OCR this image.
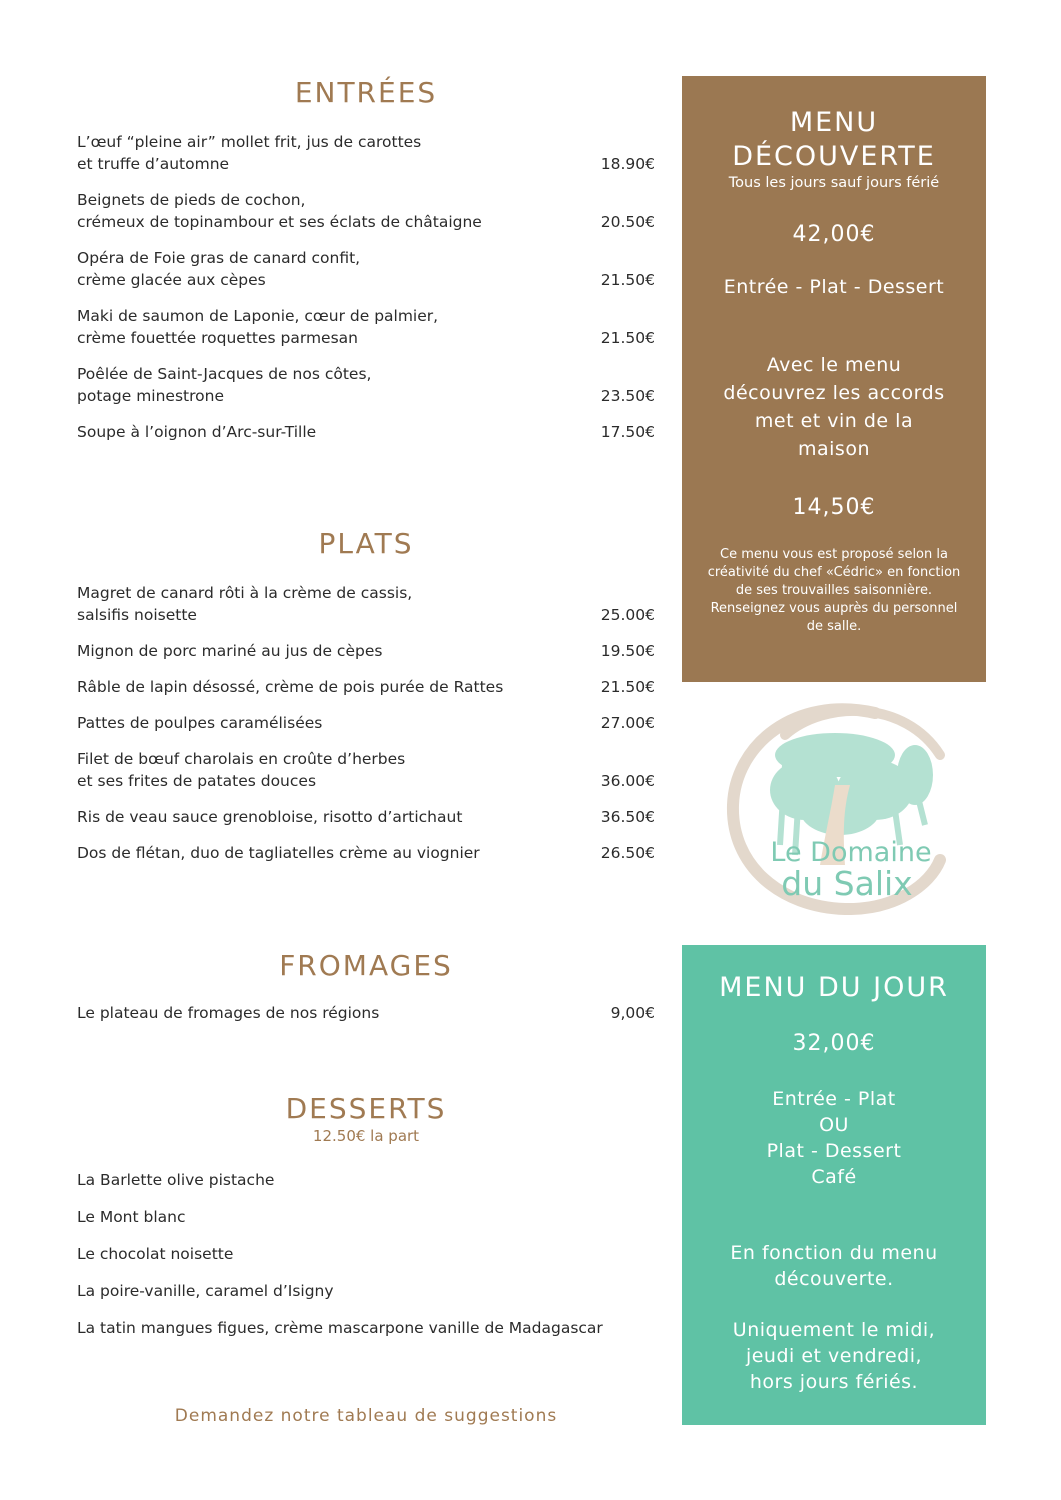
ENTRÉES
L’œuf “pleine air” mollet frit, jus de carottes
et truffe d’automne	18.90€
Beignets de pieds de cochon,
crémeux de topinambour et ses éclats de châtaigne	20.50€
Opéra de Foie gras de canard confit,
crème glacée aux cèpes	21.50€
Maki de saumon de Laponie, cœur de palmier,
crème fouettée roquettes parmesan	21.50€
Poêlée de Saint-Jacques de nos côtes,
potage minestrone	23.50€
Soupe à l’oignon d’Arc-sur-Tille	17.50€
PLATS
Magret de canard rôti à la crème de cassis,
salsifis noisette	25.00€
Mignon de porc mariné au jus de cèpes	19.50€
Râble de lapin désossé, crème de pois purée de Rattes	21.50€
Pattes de poulpes caramélisées	27.00€
Filet de bœuf charolais en croûte d’herbes
et ses frites de patates douces	36.00€
Ris de veau sauce grenobloise, risotto d’artichaut	36.50€
Dos de flétan, duo de tagliatelles crème au viognier	26.50€
FROMAGES
Le plateau de fromages de nos régions	9,00€
DESSERTS
12.50€ la part
La Barlette olive pistache
Le Mont blanc
Le chocolat noisette
La poire-vanille, caramel d’Isigny
La tatin mangues figues, crème mascarpone vanille de Madagascar
Demandez notre tableau de suggestions
MENU
DÉCOUVERTE
Tous les jours sauf jours férié
42,00€
Entrée - Plat - Dessert
Avec le menu
découvrez les accords
met et vin de la
maison
14,50€
Ce menu vous est proposé selon la créativité du chef «Cédric» en fonction de ses trouvailles saisonnière. Renseignez vous auprès du personnel de salle.
Le Domaine
du Salix
MENU DU JOUR
32,00€
Entrée - Plat
OU
Plat - Dessert
Café
En fonction du menu
découverte.
Uniquement le midi,
jeudi et vendredi,
hors jours fériés.
